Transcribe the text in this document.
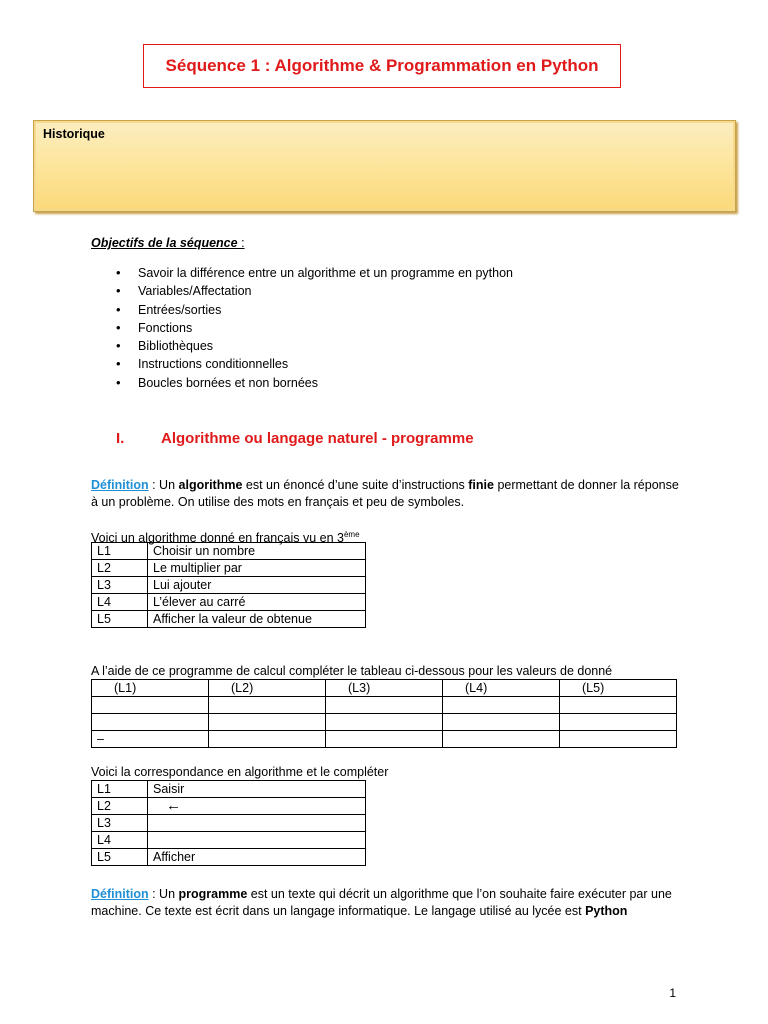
Séquence 1 : Algorithme & Programmation en Python
Historique
Objectifs de la séquence :
• Savoir la différence entre un algorithme et un programme en python
• Variables/Affectation
• Entrées/sorties
• Fonctions
• Bibliothèques
• Instructions conditionnelles
• Boucles bornées et non bornées
I. Algorithme ou langage naturel - programme
Définition : Un algorithme est un énoncé d’une suite d’instructions finie permettant de donner la réponse à un problème. On utilise des mots en français et peu de symboles.
Voici un algorithme donné en français vu en 3ème
L1	Choisir un nombre
L2	Le multiplier par
L3	Lui ajouter
L4	L’élever au carré
L5	Afficher la valeur de obtenue
A l’aide de ce programme de calcul compléter le tableau ci-dessous pour les valeurs de donné
(L1)	(L2)	(L3)	(L4)	(L5)

–				
Voici la correspondance en algorithme et le compléter
L1	Saisir
L2	←
L3	
L4	
L5	Afficher
Définition : Un programme est un texte qui décrit un algorithme que l’on souhaite faire exécuter par une machine. Ce texte est écrit dans un langage informatique. Le langage utilisé au lycée est Python
1
